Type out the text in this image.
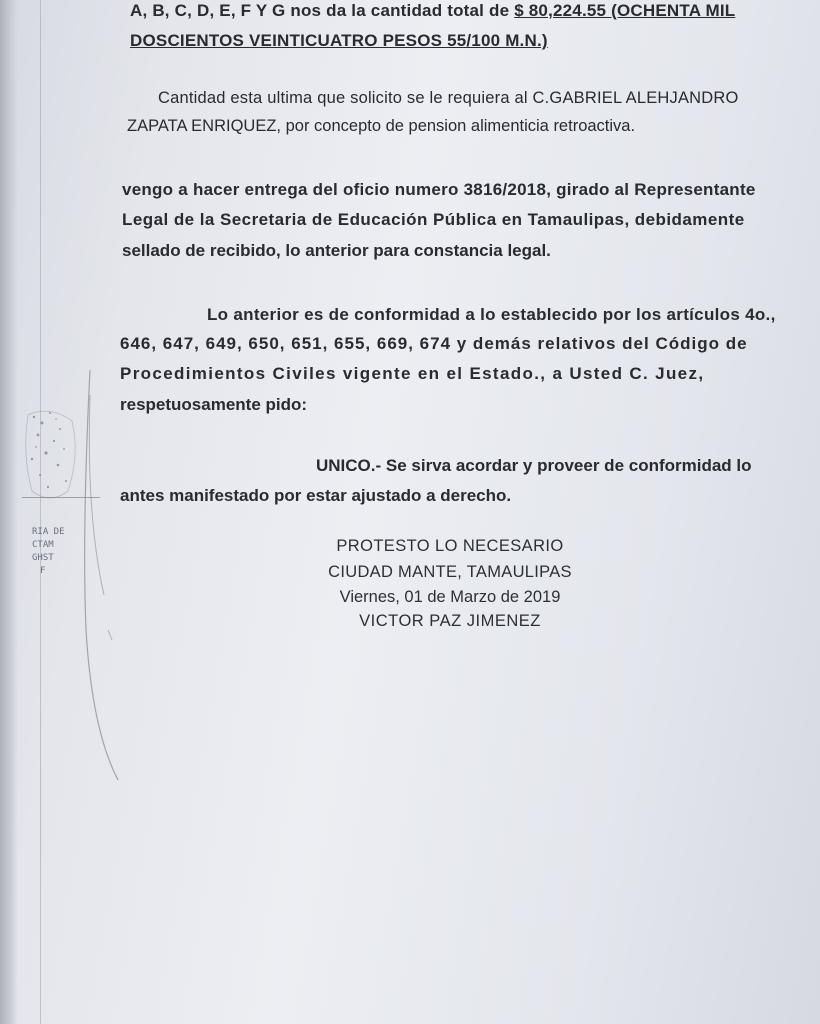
A, B, C, D, E, F Y G nos da la cantidad total de $ 80,224.55 (OCHENTA MIL
DOSCIENTOS VEINTICUATRO PESOS 55/100 M.N.)
Cantidad esta ultima que solicito se le requiera al C.GABRIEL ALEHJANDRO
ZAPATA ENRIQUEZ, por concepto de pension alimenticia retroactiva.
vengo a hacer entrega del oficio numero 3816/2018, girado al Representante
Legal de la Secretaria de Educación Pública en Tamaulipas, debidamente
sellado de recibido, lo anterior para constancia legal.
Lo anterior es de conformidad a lo establecido por los artículos 4o.,
646, 647, 649, 650, 651, 655, 669, 674 y demás relativos del Código de
Procedimientos Civiles vigente en el Estado., a Usted C. Juez,
respetuosamente pido:
UNICO.- Se sirva acordar y proveer de conformidad lo
antes manifestado por estar ajustado a derecho.
PROTESTO LO NECESARIO
CIUDAD MANTE, TAMAULIPAS
Viernes, 01 de Marzo de 2019
VICTOR PAZ JIMENEZ
RIA DE
CTAM
GHST
F
